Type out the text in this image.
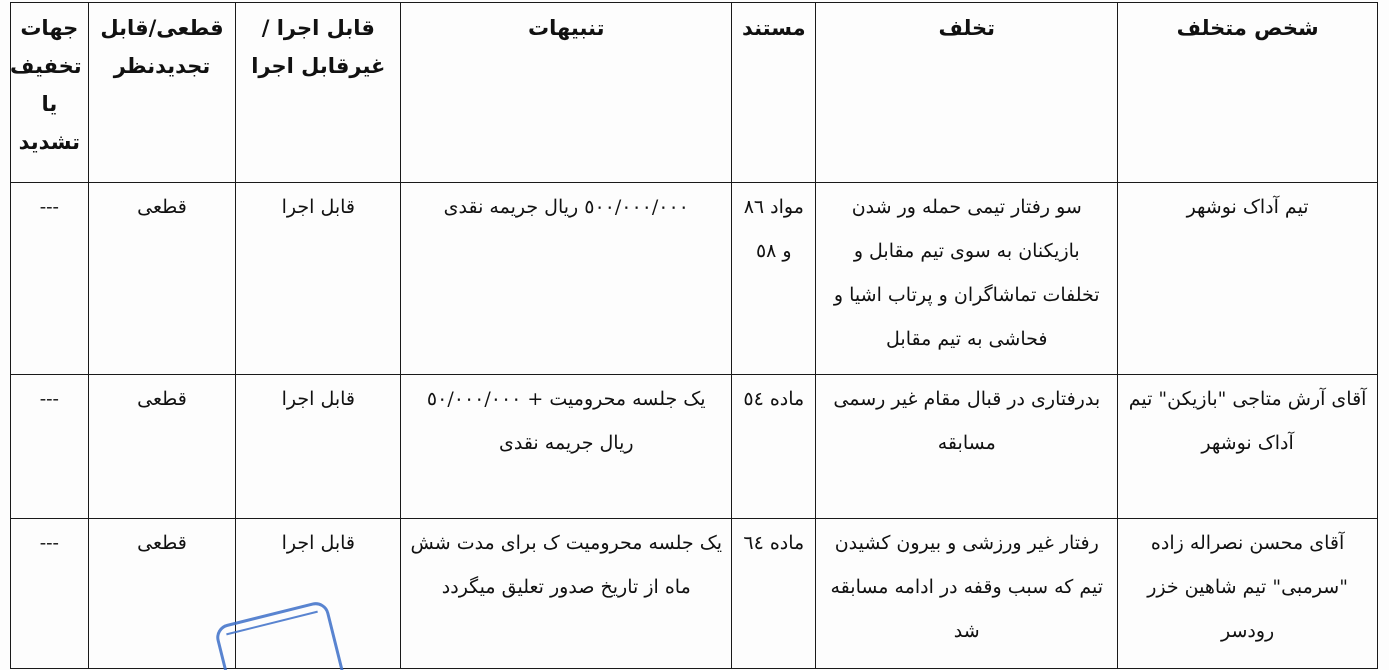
شخص متخلف	تخلف	مستند	تنبیهات	قابل اجرا /غیرقابل اجرا	قطعی/قابل تجدیدنظر	جهات تخفیف یا تشدید
تیم آداک نوشهر	سو رفتار تیمی حمله ور شدن بازیکنان به سوی تیم مقابل و تخلفات تماشاگران و پرتاب اشیا و فحاشی به تیم مقابل	مواد ٨٦ و ٥٨	٥٠٠/٠٠٠/٠٠٠ ریال جریمه نقدی	قابل اجرا	قطعی	---
آقای آرش متاجی "بازیکن" تیم آداک نوشهر	بدرفتاری در قبال مقام غیر رسمی مسابقه	ماده ٥٤	یک جلسه محرومیت + ٥٠/٠٠٠/٠٠٠ ریال جریمه نقدی	قابل اجرا	قطعی	---
آقای محسن نصراله زاده "سرمبی" تیم شاهین خزر رودسر	رفتار غیر ورزشی و بیرون کشیدن تیم که سبب وقفه در ادامه مسابقه شد	ماده ٦٤	یک جلسه محرومیت ک برای مدت شش ماه از تاریخ صدور تعلیق میگردد	قابل اجرا	قطعی	---
